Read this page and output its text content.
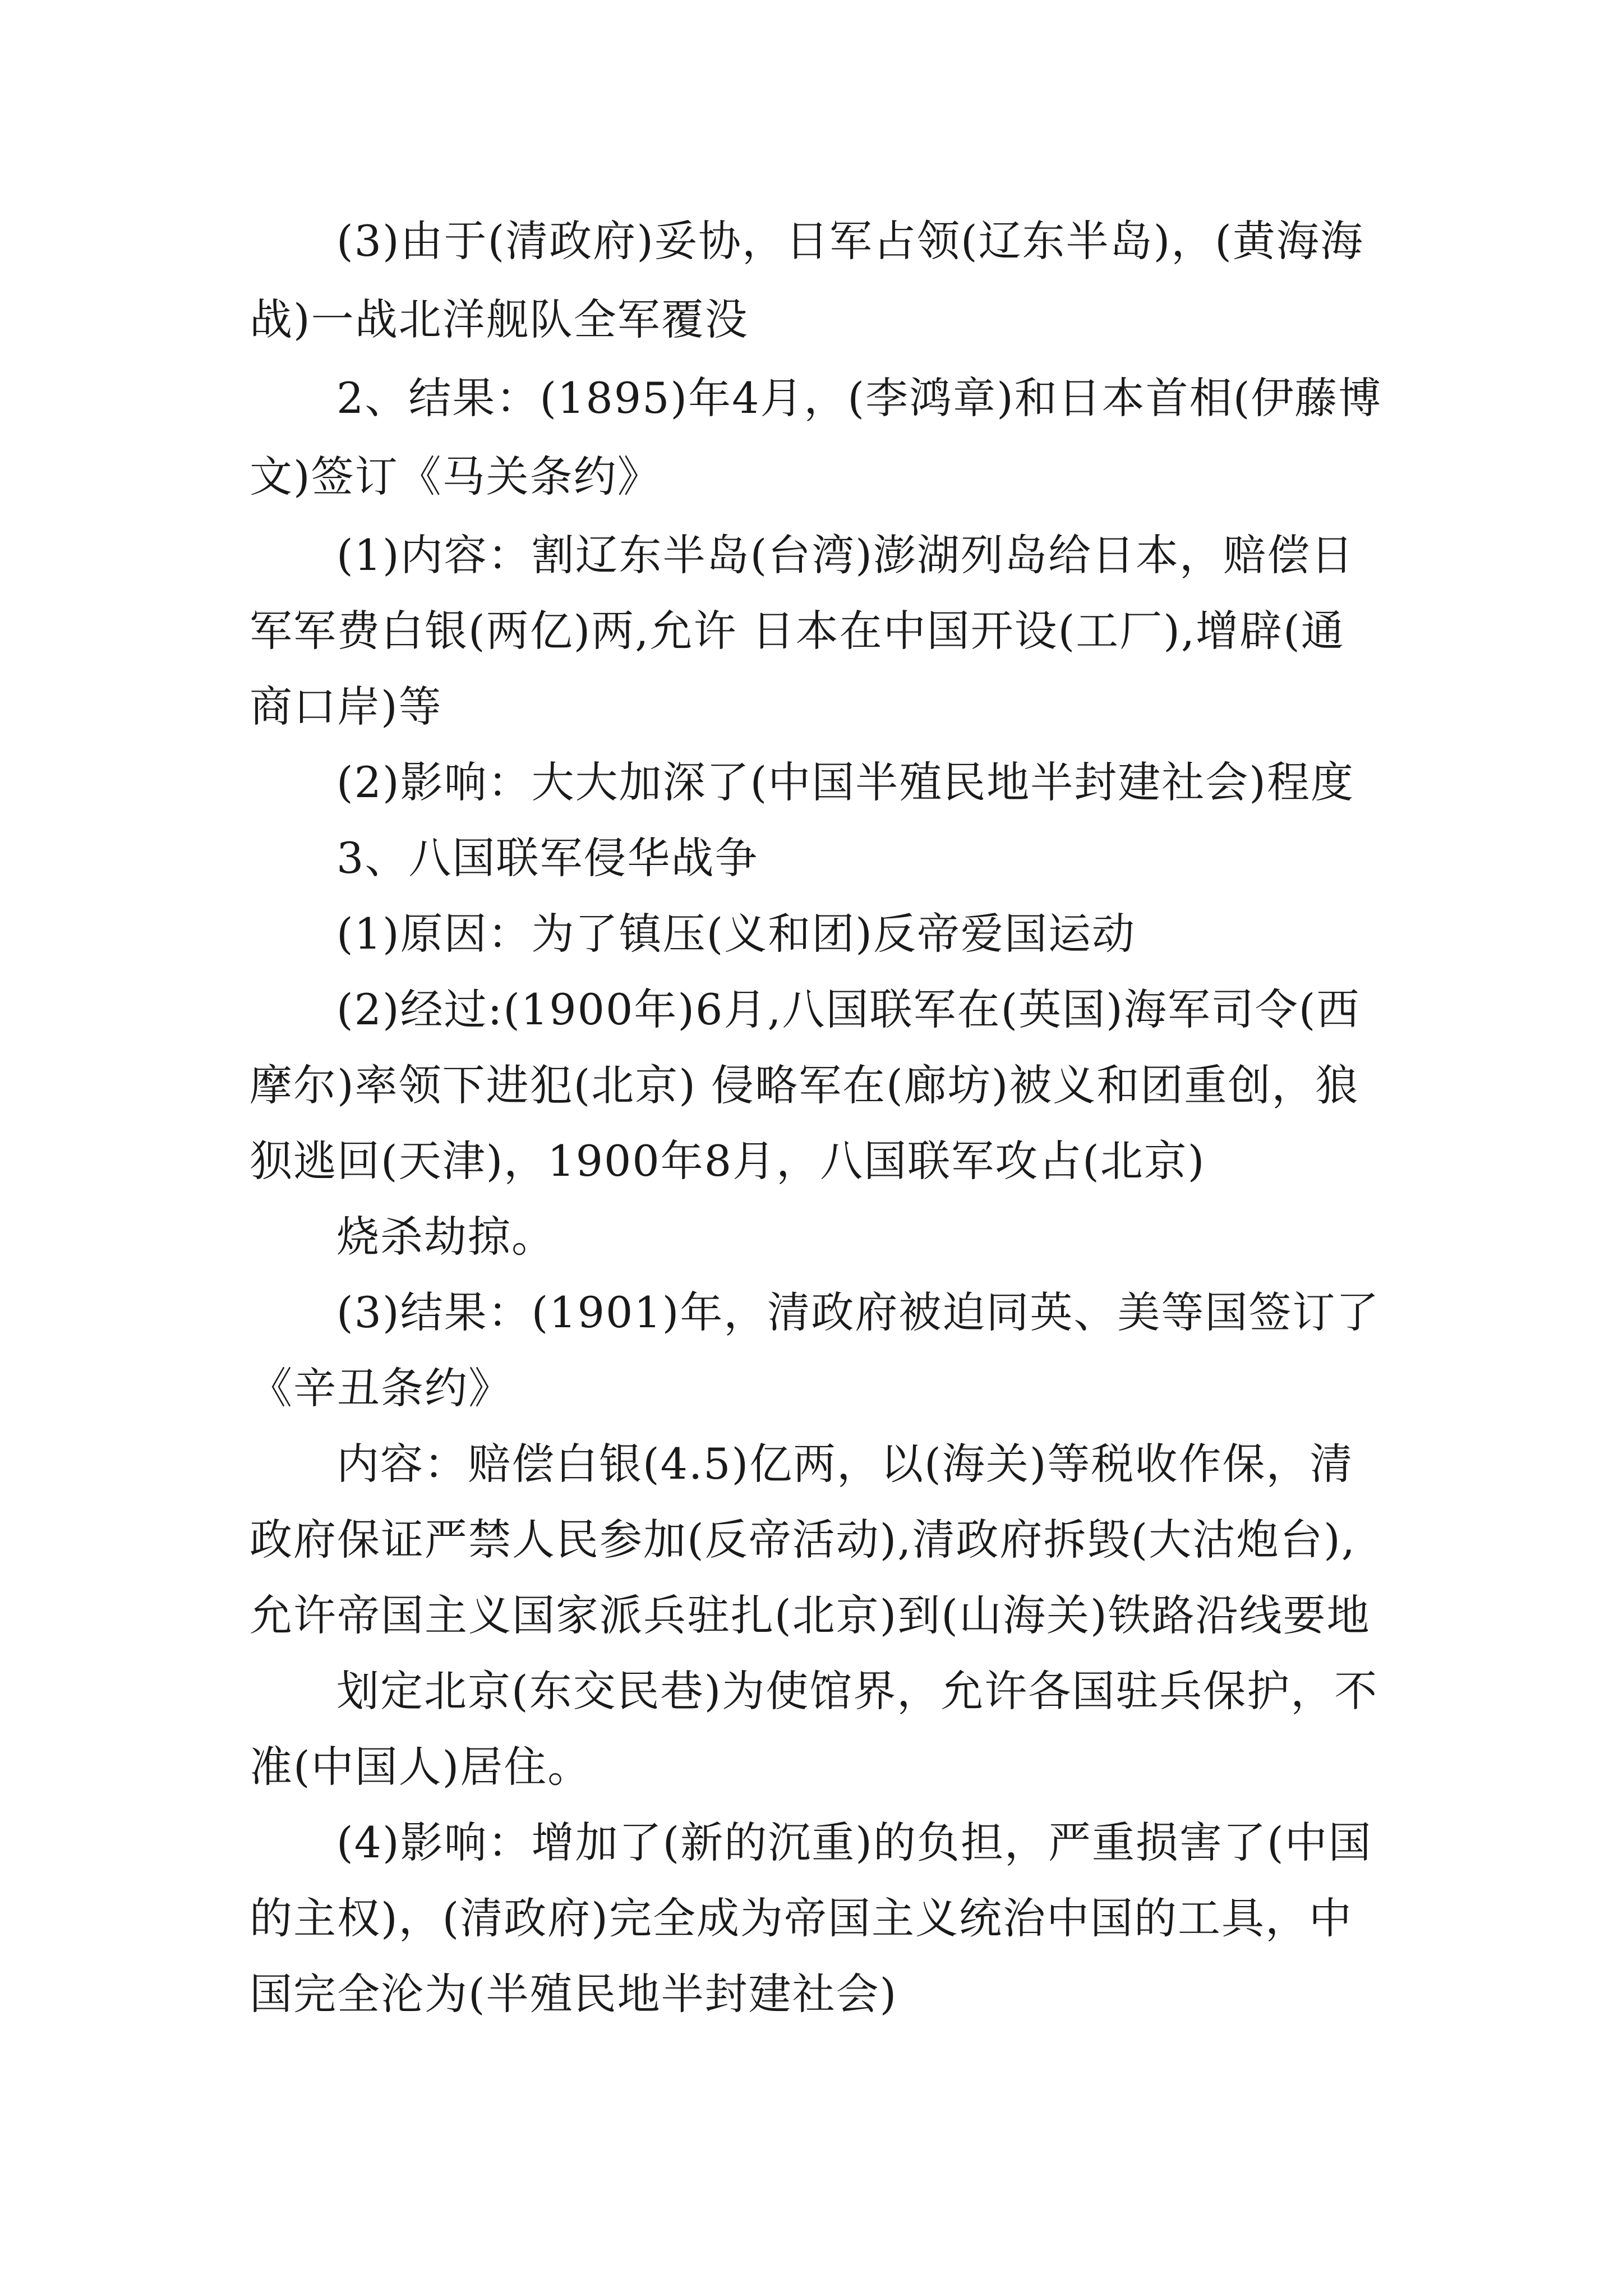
(3)由于(清政府)妥协，日军占领(辽东半岛)，(黄海海
战)一战北洋舰队全军覆没
2、结果：(1895)年4月，(李鸿章)和日本首相(伊藤博
文)签订《马关条约》
(1)内容：割辽东半岛(台湾)澎湖列岛给日本，赔偿日
军军费白银(两亿)两,允许 日本在中国开设(工厂),增辟(通
商口岸)等
(2)影响：大大加深了(中国半殖民地半封建社会)程度
3、八国联军侵华战争
(1)原因：为了镇压(义和团)反帝爱国运动
(2)经过:(1900年)6月,八国联军在(英国)海军司令(西
摩尔)率领下进犯(北京) 侵略军在(廊坊)被义和团重创，狼
狈逃回(天津)，1900年8月，八国联军攻占(北京)
烧杀劫掠。
(3)结果：(1901)年，清政府被迫同英、美等国签订了
《辛丑条约》
内容：赔偿白银(4.5)亿两，以(海关)等税收作保，清
政府保证严禁人民参加(反帝活动),清政府拆毁(大沽炮台),
允许帝国主义国家派兵驻扎(北京)到(山海关)铁路沿线要地
划定北京(东交民巷)为使馆界，允许各国驻兵保护，不
准(中国人)居住。
(4)影响：增加了(新的沉重)的负担，严重损害了(中国
的主权)，(清政府)完全成为帝国主义统治中国的工具，中
国完全沦为(半殖民地半封建社会)
